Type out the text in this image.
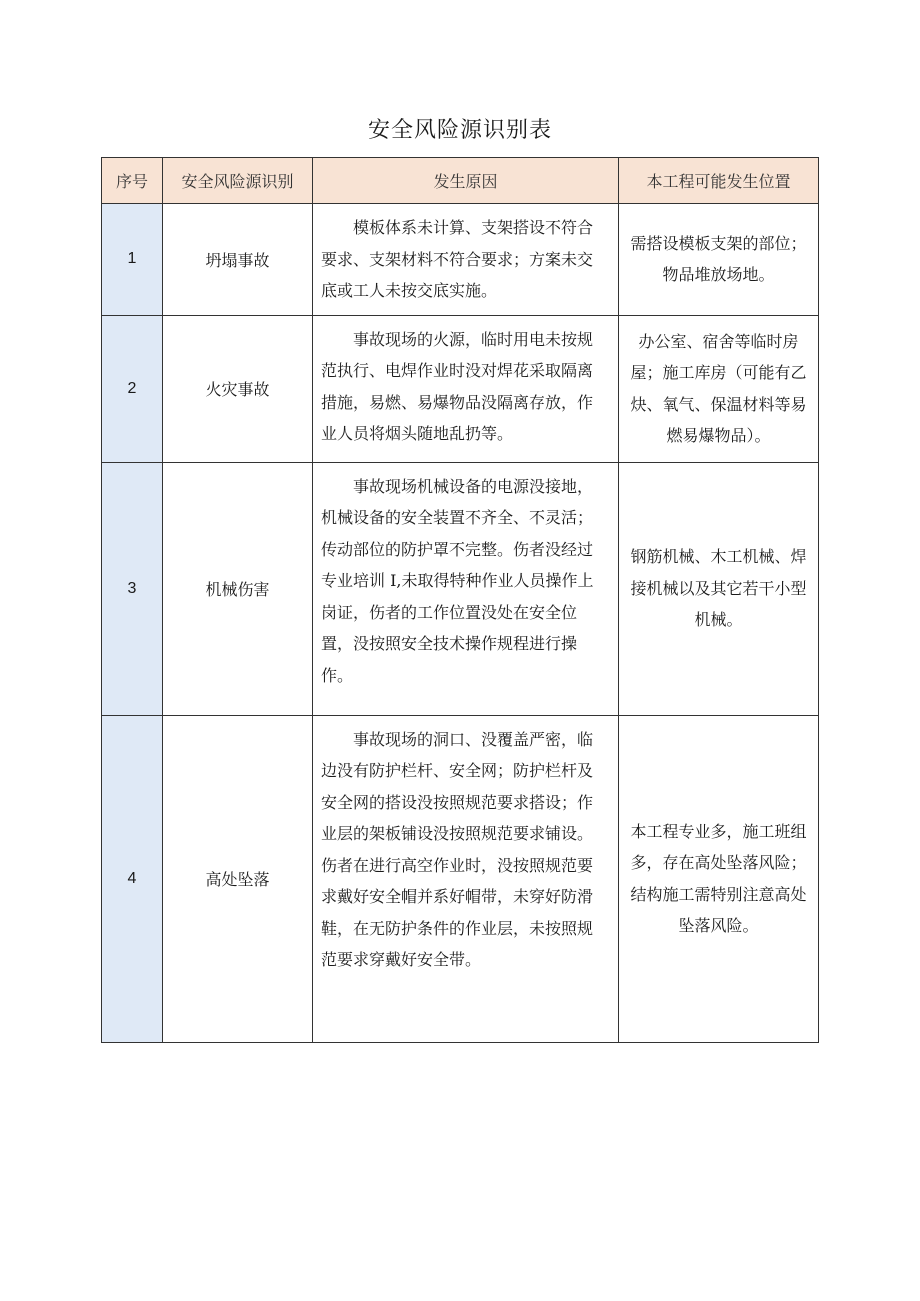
安全风险源识别表
序号	安全风险源识别	发生原因	本工程可能发生位置
1	坍塌事故	模板体系未计算、支架搭设不符合要求、支架材料不符合要求；方案未交底或工人未按交底实施。	需搭设模板支架的部位；物品堆放场地。

2	火灾事故	事故现场的火源，临时用电未按规范执行、电焊作业时没对焊花采取隔离措施，易燃、易爆物品没隔离存放，作业人员将烟头随地乱扔等。	办公室、宿舍等临时房屋；施工库房（可能有乙炔、氧气、保温材料等易燃易爆物品）。

3	机械伤害	事故现场机械设备的电源没接地，机械设备的安全装置不齐全、不灵活；传动部位的防护罩不完整。伤者没经过专业培训 I,未取得特种作业人员操作上岗证，伤者的工作位置没处在安全位置，没按照安全技术操作规程进行操作。	钢筋机械、木工机械、焊接机械以及其它若干小型机械。

4	高处坠落	事故现场的洞口、没覆盖严密，临边没有防护栏杆、安全网；防护栏杆及安全网的搭设没按照规范要求搭设；作业层的架板铺设没按照规范要求铺设。伤者在进行高空作业时，没按照规范要求戴好安全帽并系好帽带，未穿好防滑鞋，在无防护条件的作业层，未按照规范要求穿戴好安全带。	本工程专业多，施工班组多，存在高处坠落风险；结构施工需特别注意高处坠落风险。
